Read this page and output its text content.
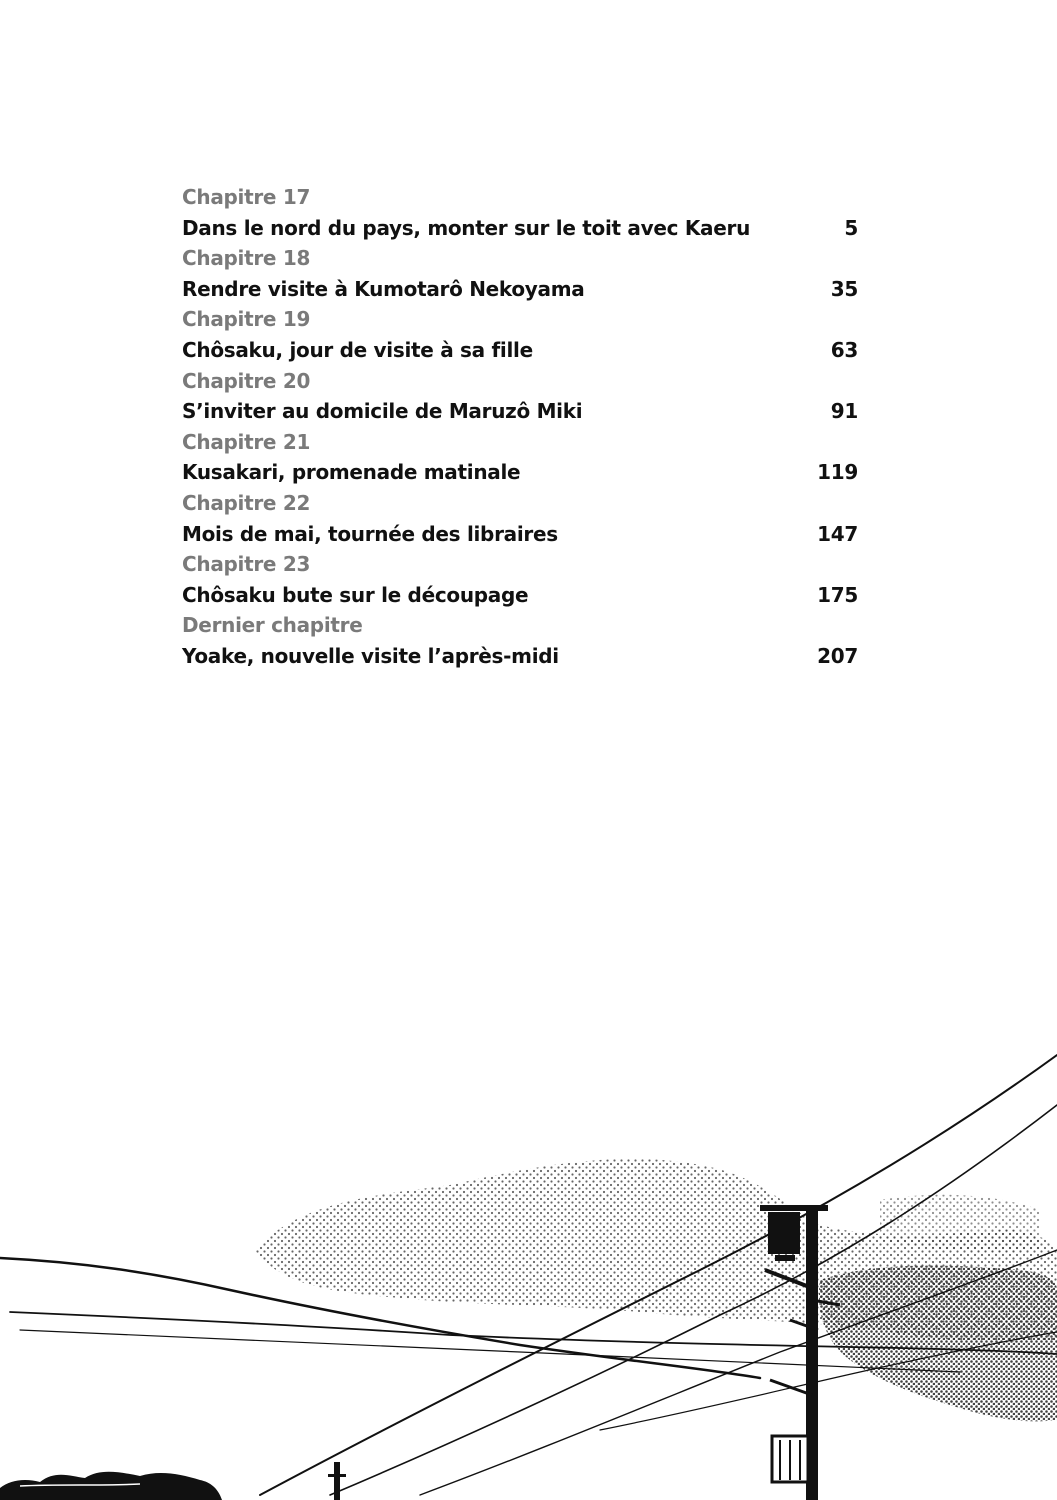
Chapitre 17
Dans le nord du pays, monter sur le toit avec Kaeru	5
Chapitre 18
Rendre visite à Kumotarô Nekoyama	35
Chapitre 19
Chôsaku, jour de visite à sa fille	63
Chapitre 20
S’inviter au domicile de Maruzô Miki	91
Chapitre 21
Kusakari, promenade matinale	119
Chapitre 22
Mois de mai, tournée des libraires	147
Chapitre 23
Chôsaku bute sur le découpage	175
Dernier chapitre
Yoake, nouvelle visite l’après-midi	207
